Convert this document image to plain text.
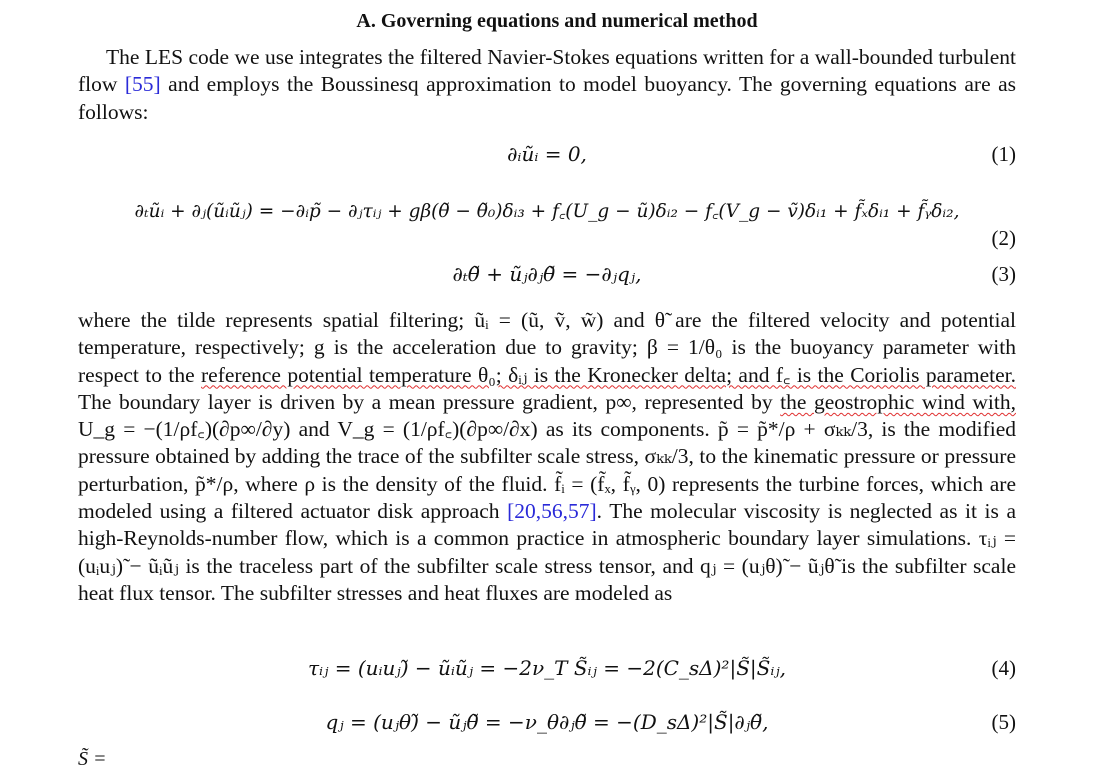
A. Governing equations and numerical method

The LES code we use integrates the filtered Navier-Stokes equations written for a wall-bounded turbulent flow [55] and employs the Boussinesq approximation to model buoyancy. The governing equations are as follows:

∂ᵢũᵢ = 0,	(1)
∂ₜũᵢ + ∂ⱼ(ũᵢũⱼ) = −∂ᵢp̃ − ∂ⱼτᵢⱼ + gβ(θ̃ − θ̃₀)δᵢ₃ + f꜀(U_g − ũ)δᵢ₂ − f꜀(V_g − ṽ)δᵢ₁ + f̃ₓδᵢ₁ + f̃ᵧδᵢ₂,
(2)
∂ₜθ̃ + ũⱼ∂ⱼθ̃ = −∂ⱼqⱼ,	(3)

where the tilde represents spatial filtering; ũᵢ = (ũ, ṽ, w̃) and θ̃ are the filtered velocity and potential temperature, respectively; g is the acceleration due to gravity; β = 1/θ₀ is the buoyancy parameter with respect to the reference potential temperature θ₀; δᵢⱼ is the Kronecker delta; and f꜀ is the Coriolis parameter. The boundary layer is driven by a mean pressure gradient, p∞, represented by the geostrophic wind with, U_g = −(1/ρf꜀)(∂p∞/∂y) and V_g = (1/ρf꜀)(∂p∞/∂x) as its components. p̃ = p̃*/ρ + σₖₖ/3, is the modified pressure obtained by adding the trace of the subfilter scale stress, σₖₖ/3, to the kinematic pressure or pressure perturbation, p̃*/ρ, where ρ is the density of the fluid. f̃ᵢ = (f̃ₓ, f̃ᵧ, 0) represents the turbine forces, which are modeled using a filtered actuator disk approach [20,56,57]. The molecular viscosity is neglected as it is a high-Reynolds-number flow, which is a common practice in atmospheric boundary layer simulations. τᵢⱼ = (uᵢuⱼ)̃ − ũᵢũⱼ is the traceless part of the subfilter scale stress tensor, and qⱼ = (uⱼθ)̃ − ũⱼθ̃ is the subfilter scale heat flux tensor. The subfilter stresses and heat fluxes are modeled as

τᵢⱼ = (uᵢuⱼ)̃ − ũᵢũⱼ = −2ν_T S̃ᵢⱼ = −2(C_sΔ)²|S̃|S̃ᵢⱼ,	(4)
qⱼ = (uⱼθ)̃ − ũⱼθ̃ = −ν_θ∂ⱼθ̃ = −(D_sΔ)²|S̃|∂ⱼθ̃,	(5)
S̃ =
